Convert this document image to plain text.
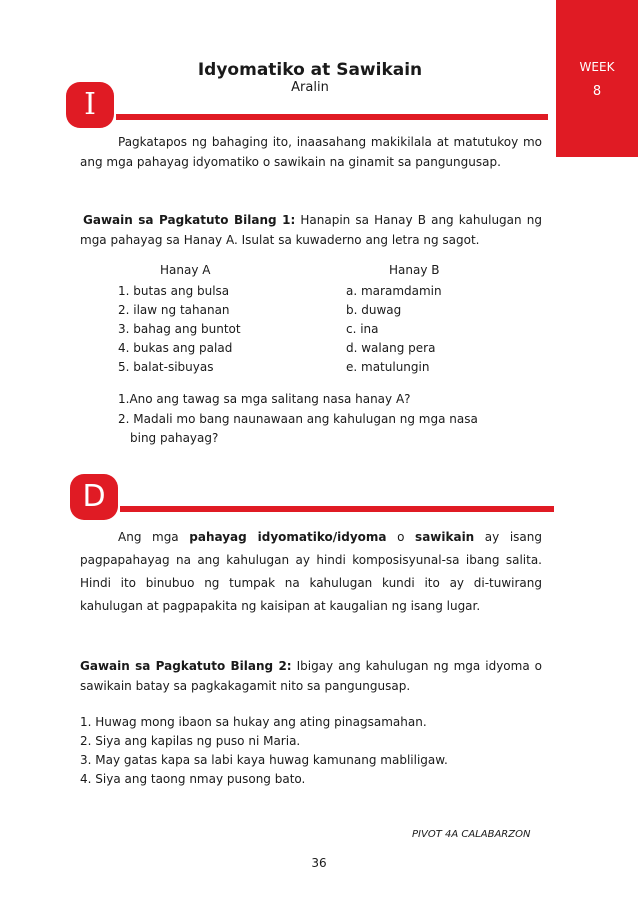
WEEK
8
Idyomatiko at Sawikain
Aralin
I
Pagkatapos ng bahaging ito, inaasahang makikilala at matutukoy mo ang mga pahayag idyomatiko o sawikain na ginamit sa pangungusap.
Gawain sa Pagkatuto Bilang 1: Hanapin sa Hanay B ang kahulugan ng mga pahayag sa Hanay A. Isulat sa kuwaderno ang letra ng sagot.
Hanay A	Hanay B
1. butas ang bulsa
2. ilaw ng tahanan
3. bahag ang buntot
4. bukas ang palad
5. balat-sibuyas
a. maramdamin
b. duwag
c. ina
d. walang pera
e. matulungin
1.Ano ang tawag sa mga salitang nasa hanay A?
2. Madali mo bang naunawaan ang kahulugan ng mga nasa
bing pahayag?
D
Ang mga pahayag idyomatiko/idyoma o sawikain ay isang pagpapahayag na ang kahulugan ay hindi komposisyunal-sa ibang salita. Hindi ito binubuo ng tumpak na kahulugan kundi ito ay di-tuwirang kahulugan at pagpapakita ng kaisipan at kaugalian ng isang lugar.
Gawain sa Pagkatuto Bilang 2: Ibigay ang kahulugan ng mga idyoma o sawikain batay sa pagkakagamit nito sa pangungusap.
1. Huwag mong ibaon sa hukay ang ating pinagsamahan.
2. Siya ang kapilas ng puso ni Maria.
3. May gatas kapa sa labi kaya huwag kamunang mabliligaw.
4. Siya ang taong nmay pusong bato.
PIVOT 4A CALABARZON
36
